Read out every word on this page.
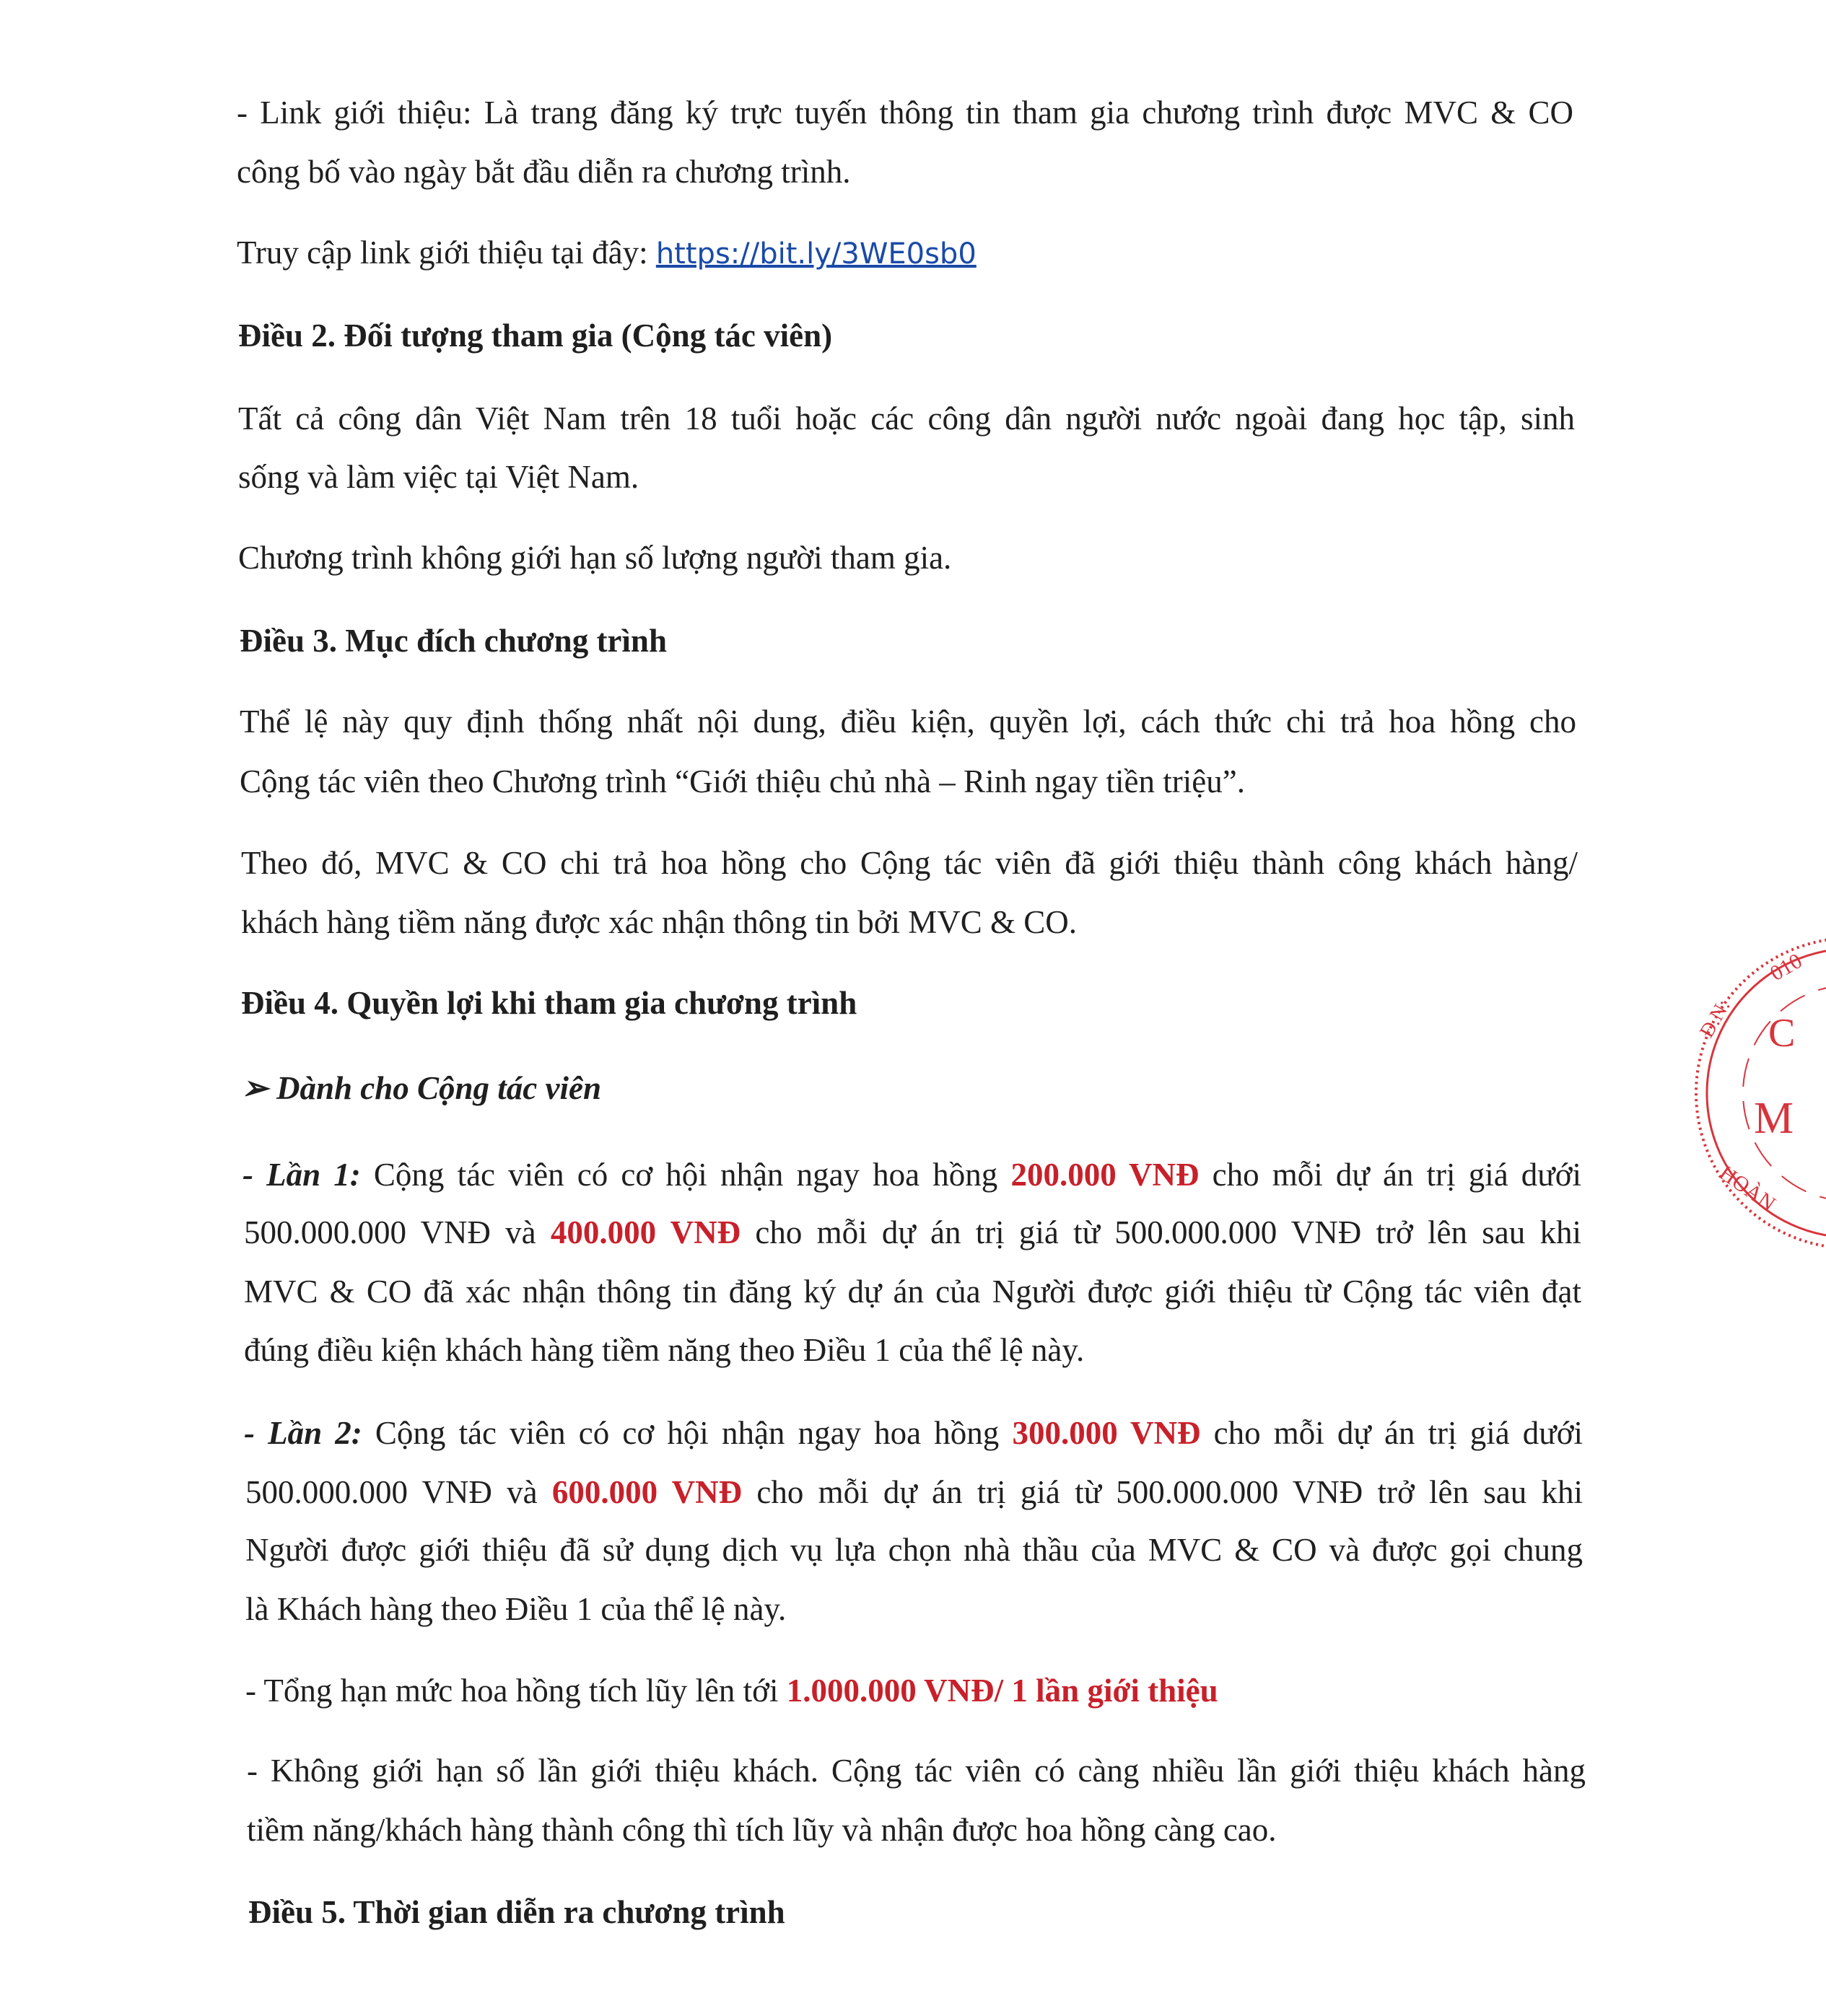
- Link giới thiệu: Là trang đăng ký trực tuyến thông tin tham gia chương trình được MVC & CO
công bố vào ngày bắt đầu diễn ra chương trình.
Truy cập link giới thiệu tại đây: https://bit.ly/3WE0sb0
Điều 2. Đối tượng tham gia (Cộng tác viên)
Tất cả công dân Việt Nam trên 18 tuổi hoặc các công dân người nước ngoài đang học tập, sinh
sống và làm việc tại Việt Nam.
Chương trình không giới hạn số lượng người tham gia.
Điều 3. Mục đích chương trình
Thể lệ này quy định thống nhất nội dung, điều kiện, quyền lợi, cách thức chi trả hoa hồng cho
Cộng tác viên theo Chương trình “Giới thiệu chủ nhà – Rinh ngay tiền triệu”.
Theo đó, MVC & CO chi trả hoa hồng cho Cộng tác viên đã giới thiệu thành công khách hàng/
khách hàng tiềm năng được xác nhận thông tin bởi MVC & CO.
Điều 4. Quyền lợi khi tham gia chương trình
➢ Dành cho Cộng tác viên
- Lần 1: Cộng tác viên có cơ hội nhận ngay hoa hồng 200.000 VNĐ cho mỗi dự án trị giá dưới
500.000.000 VNĐ và 400.000 VNĐ cho mỗi dự án trị giá từ 500.000.000 VNĐ trở lên sau khi
MVC & CO đã xác nhận thông tin đăng ký dự án của Người được giới thiệu từ Cộng tác viên đạt
đúng điều kiện khách hàng tiềm năng theo Điều 1 của thể lệ này.
- Lần 2: Cộng tác viên có cơ hội nhận ngay hoa hồng 300.000 VNĐ cho mỗi dự án trị giá dưới
500.000.000 VNĐ và 600.000 VNĐ cho mỗi dự án trị giá từ 500.000.000 VNĐ trở lên sau khi
Người được giới thiệu đã sử dụng dịch vụ lựa chọn nhà thầu của MVC & CO và được gọi chung
là Khách hàng theo Điều 1 của thể lệ này.
- Tổng hạn mức hoa hồng tích lũy lên tới 1.000.000 VNĐ/ 1 lần giới thiệu
- Không giới hạn số lần giới thiệu khách. Cộng tác viên có càng nhiều lần giới thiệu khách hàng
tiềm năng/khách hàng thành công thì tích lũy và nhận được hoa hồng càng cao.
Điều 5. Thời gian diễn ra chương trình
010
Đ.N: C
M
HOÀN
